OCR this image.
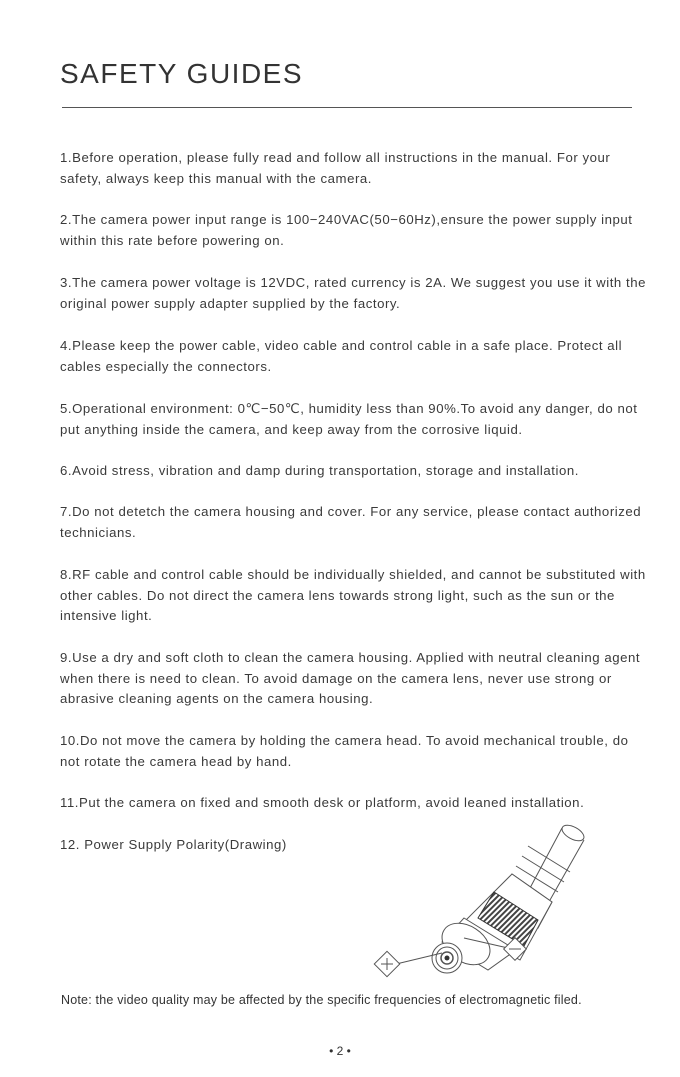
SAFETY GUIDES

1.Before operation, please fully read and follow all instructions in the manual. For your safety, always keep this manual with the camera.

2.The camera power input range is 100−240VAC(50−60Hz),ensure the power supply input within this rate before powering on.

3.The camera power voltage is 12VDC, rated currency is 2A. We suggest you use it with the original power supply adapter supplied by the factory.

4.Please keep the power cable, video cable and control cable in a safe place. Protect all cables especially the connectors.

5.Operational environment: 0℃−50℃, humidity less than 90%.To avoid any danger, do not put anything inside the camera, and keep away from the corrosive liquid.

6.Avoid stress, vibration and damp during transportation, storage and installation.

7.Do not detetch the camera housing and cover. For any service, please contact authorized technicians.

8.RF cable and control cable should be individually shielded, and cannot be substituted with other cables. Do not direct the camera lens towards strong light, such as the sun or the intensive light.

9.Use a dry and soft cloth to clean the camera housing. Applied with neutral cleaning agent when there is need to clean. To avoid damage on the camera lens, never use strong or abrasive cleaning agents on the camera housing.

10.Do not move the camera by holding the camera head. To avoid mechanical trouble, do not rotate the camera head by hand.

11.Put the camera on fixed and smooth desk or platform, avoid leaned installation.

12. Power Supply Polarity(Drawing)

Note: the video quality may be affected by the specific frequencies of electromagnetic filed.

• 2 •
